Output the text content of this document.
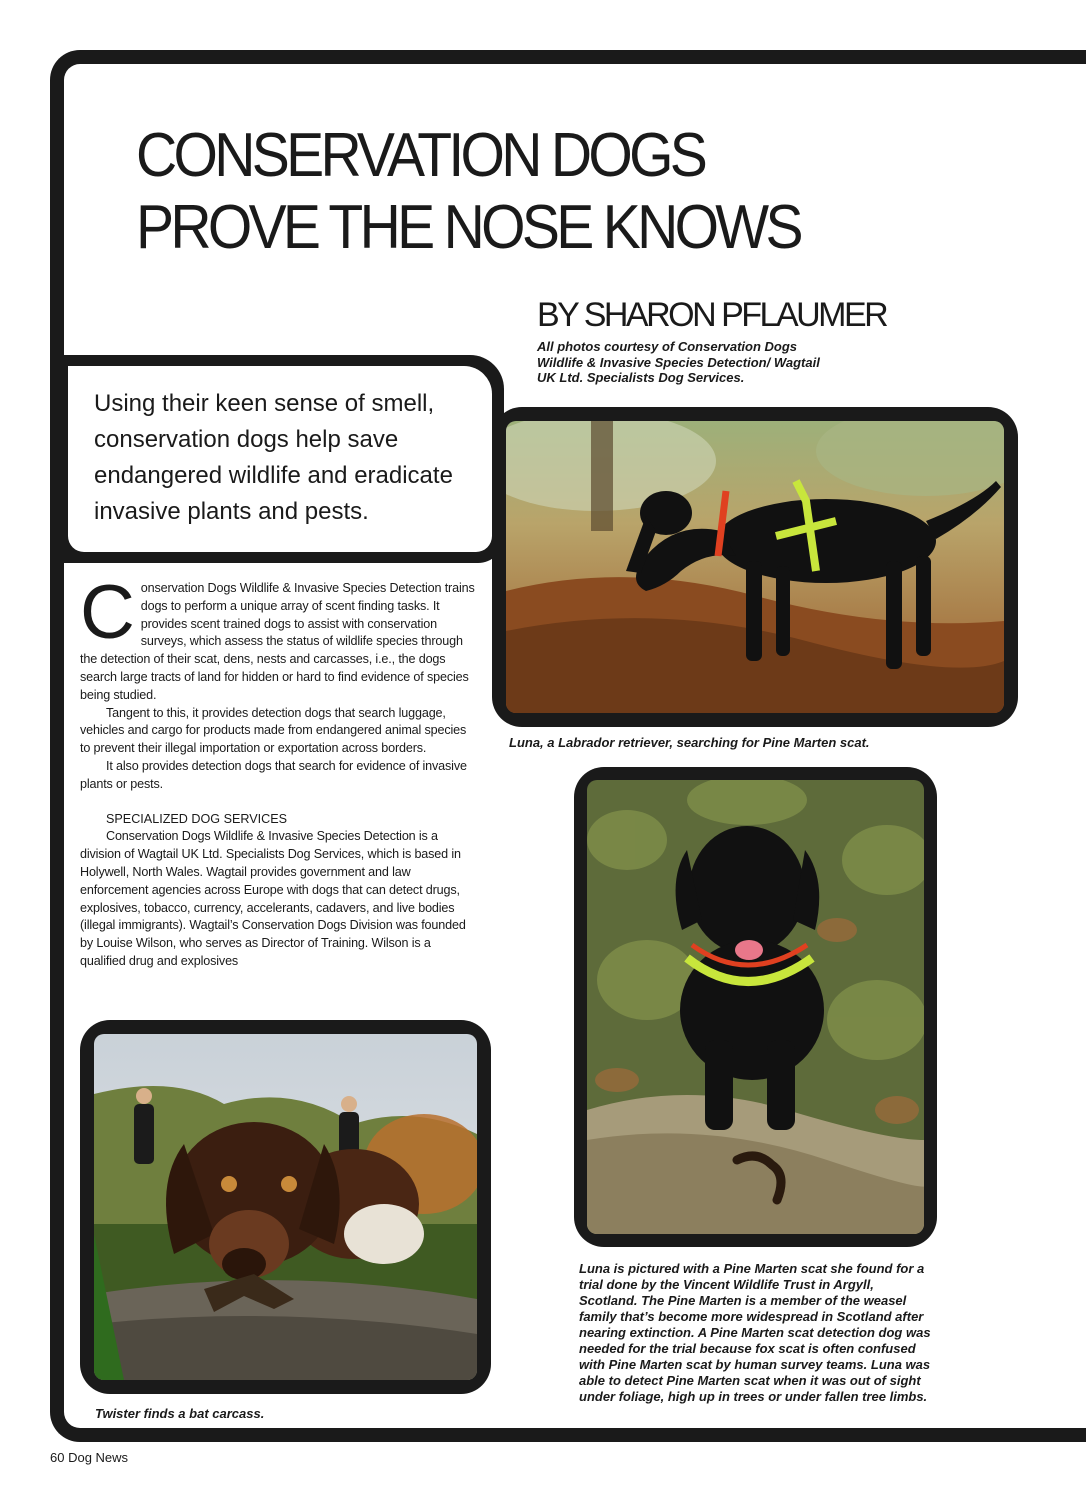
CONSERVATION DOGS
PROVE THE NOSE KNOWS
BY SHARON PFLAUMER
All photos courtesy of Conservation Dogs Wildlife & Invasive Species Detection/ Wagtail UK Ltd. Specialists Dog Services.
Using their keen sense of smell, conservation dogs help save endangered wildlife and eradicate invasive plants and pests.

Conservation Dogs Wildlife & Invasive Species Detection trains dogs to perform a unique array of scent finding tasks. It provides scent trained dogs to assist with conservation surveys, which assess the status of wildlife species through the detection of their scat, dens, nests and carcasses, i.e., the dogs search large tracts of land for hidden or hard to find evidence of species being studied.

Tangent to this, it provides detection dogs that search luggage, vehicles and cargo for products made from endangered animal species to prevent their illegal importation or exportation across borders.

It also provides detection dogs that search for evidence of invasive plants or pests.

SPECIALIZED DOG SERVICES

Conservation Dogs Wildlife & Invasive Species Detection is a division of Wagtail UK Ltd. Specialists Dog Services, which is based in Holywell, North Wales. Wagtail provides government and law enforcement agencies across Europe with dogs that can detect drugs, explosives, tobacco, currency, accelerants, cadavers, and live bodies (illegal immigrants). Wagtail’s Conservation Dogs Division was founded by Louise Wilson, who serves as Director of Training. Wilson is a qualified drug and explosives

Luna, a Labrador retriever, searching for Pine Marten scat.
Luna is pictured with a Pine Marten scat she found for a trial done by the Vincent Wildlife Trust in Argyll, Scotland. The Pine Marten is a member of the weasel family that’s become more widespread in Scotland after nearing extinction. A Pine Marten scat detection dog was needed for the trial because fox scat is often confused with Pine Marten scat by human survey teams. Luna was able to detect Pine Marten scat when it was out of sight under foliage, high up in trees or under fallen tree limbs.
Twister finds a bat carcass.
60 Dog News
